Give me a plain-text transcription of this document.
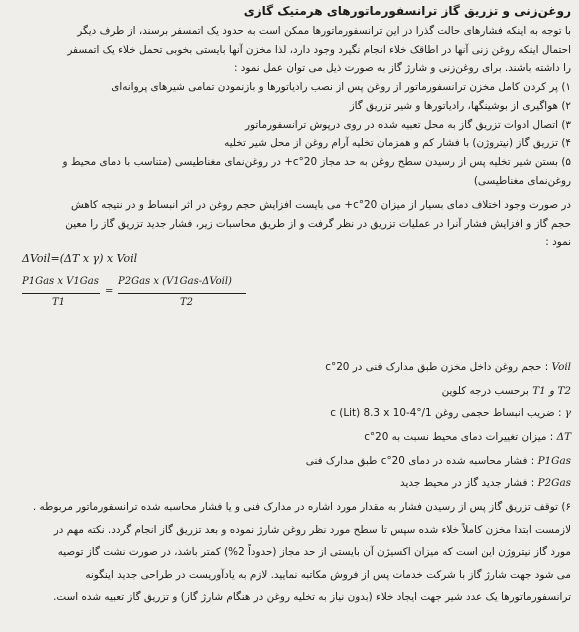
روغن‌زنی و تزریق گاز ترانسفورماتورهای هرمتیک گازی
با توجه به اینکه فشارهای حالت گذرا در این ترانسفورماتورها ممکن است به حدود یک اتمسفر برسند، از طرف دیگر
احتمال اینکه روغن زنی آنها در اطاقک خلاء انجام نگیرد وجود دارد، لذا مخزن آنها بایستی بخوبی تحمل خلاء یک اتمسفر
را داشته باشند. برای روغن‌زنی و شارژ گاز به صورت ذیل می توان عمل نمود :
۱) پر کردن کامل مخزن ترانسفورماتور از روغن پس از نصب رادیاتورها و بازنمودن تمامی شیرهای پروانه‌ای
۲) هواگیری از بوشینگها، رادیاتورها و شیر تزریق گاز
۳) اتصال ادوات تزریق گاز به محل تعبیه شده در روی درپوش ترانسفورماتور
۴) تزریق گاز (نیتروژن) با فشار کم و همزمان تخلیه آرام روغن از محل شیر تخلیه
۵) بستن شیر تخلیه پس از رسیدن سطح روغن به حد مجاز 20°c+ در روغن‌نمای مغناطیسی (متناسب با دمای محیط و
روغن‌نمای مغناطیسی)
در صورت وجود اختلاف دمای بسیار از میزان 20°c+ می بایست افزایش حجم روغن در اثر انبساط و در نتیجه کاهش
حجم گاز و افزایش فشار آنرا در عملیات تزریق در نظر گرفت و از طریق محاسبات زیر، فشار جدید تزریق گاز را معین
نمود :
ΔVoil=(ΔT x γ) x Voil
P1Gas x V1Gas
T1
=
P2Gas x (V1Gas-ΔVoil)
T2
Voil : حجم روغن داخل مخزن طبق مدارک فنی در 20°c
T1 و T2 برحسب درجه کلوین
γ : ضریب انبساط حجمی روغن 1/°c (Lit) 8.3 x 10-4
ΔT : میزان تغییرات دمای محیط نسبت به 20°c
P1Gas : فشار محاسبه شده در دمای 20°c طبق مدارک فنی
P2Gas : فشار جدید گاز در محیط جدید
۶) توقف تزریق گاز پس از رسیدن فشار به مقدار مورد اشاره در مدارک فنی و یا فشار محاسبه شده ترانسفورماتور مربوطه .
لازمست ابتدا مخزن کاملاً خلاء شده سپس تا سطح مورد نظر روغن شارژ نموده و بعد تزریق گاز انجام گردد. نکته مهم در
مورد گاز نیتروژن این است که میزان اکسیژن آن بایستی از حد مجاز (حدوداً 2%) کمتر باشد، در صورت نشت گاز توصیه
می شود جهت شارژ گاز با شرکت خدمات پس از فروش مکاتبه نمایید. لازم به یادآوریست در طراحی جدید اینگونه
ترانسفورماتورها یک عدد شیر جهت ایجاد خلاء (بدون نیاز به تخلیه روغن در هنگام شارژ گاز) و تزریق گاز تعبیه شده است.
